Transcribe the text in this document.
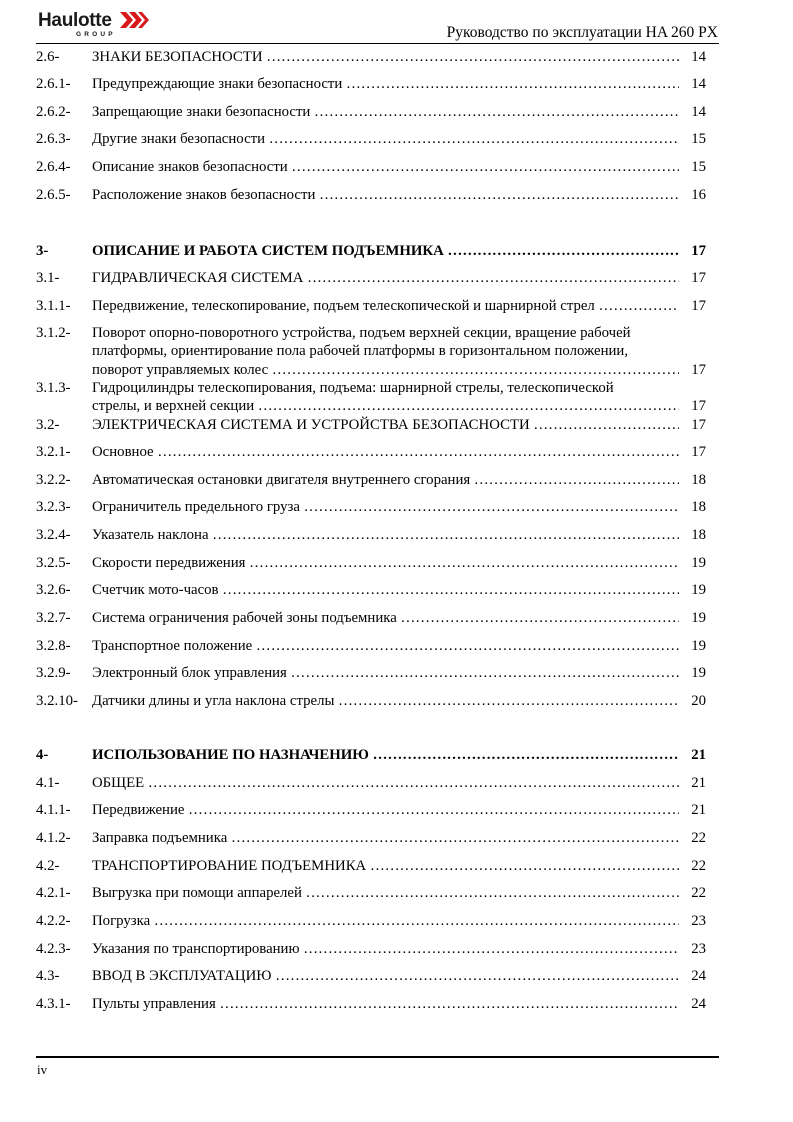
Haulotte
GROUP	Руководство по эксплуатации HA 260 PX
2.6- ЗНАКИ БЕЗОПАСНОСТИ ………………………………………………………………………………………………………………………………………………………………………………………………	14
2.6.1- Предупреждающие знаки безопасности ………………………………………………………………………………………………………………………………………………………………………………………………	14
2.6.2- Запрещающие знаки безопасности ………………………………………………………………………………………………………………………………………………………………………………………………	14
2.6.3- Другие знаки безопасности ………………………………………………………………………………………………………………………………………………………………………………………………	15
2.6.4- Описание знаков безопасности ………………………………………………………………………………………………………………………………………………………………………………………………	15
2.6.5- Расположение знаков безопасности ………………………………………………………………………………………………………………………………………………………………………………………………	16
3-	ОПИСАНИЕ И РАБОТА СИСТЕМ ПОДЪЕМНИКА ………………………………………………………………………………………………………………………………………………………………………………………………	17
3.1- ГИДРАВЛИЧЕСКАЯ СИСТЕМА ………………………………………………………………………………………………………………………………………………………………………………………………	17
3.1.1- Передвижение, телескопирование, подъем телескопической и шарнирной стрел ………………………………………………………………………………………………………………………………………………………………………………………………	17
3.1.2- Поворот опорно-поворотного устройства, подъем верхней секции, вращение рабочей
платформы, ориентирование пола рабочей платформы в горизонтальном положении,
поворот управляемых колес ………………………………………………………………………………………………………………………………………………………………………………………………	17
3.1.3- Гидроцилиндры телескопирования, подъема: шарнирной стрелы, телескопической
стрелы, и верхней секции ………………………………………………………………………………………………………………………………………………………………………………………………	17
3.2- ЭЛЕКТРИЧЕСКАЯ СИСТЕМА И УСТРОЙСТВА БЕЗОПАСНОСТИ ………………………………………………………………………………………………………………………………………………………………………………………………	17
3.2.1- Основное ………………………………………………………………………………………………………………………………………………………………………………………………	17
3.2.2- Автоматическая остановки двигателя внутреннего сгорания ………………………………………………………………………………………………………………………………………………………………………………………………	18
3.2.3- Ограничитель предельного груза ………………………………………………………………………………………………………………………………………………………………………………………………	18
3.2.4- Указатель наклона ………………………………………………………………………………………………………………………………………………………………………………………………	18
3.2.5- Скорости передвижения ………………………………………………………………………………………………………………………………………………………………………………………………	19
3.2.6- Счетчик мото-часов ………………………………………………………………………………………………………………………………………………………………………………………………	19
3.2.7- Система ограничения рабочей зоны подъемника ………………………………………………………………………………………………………………………………………………………………………………………………	19
3.2.8- Транспортное положение ………………………………………………………………………………………………………………………………………………………………………………………………	19
3.2.9- Электронный блок управления ………………………………………………………………………………………………………………………………………………………………………………………………	19
3.2.10- Датчики длины и угла наклона стрелы ………………………………………………………………………………………………………………………………………………………………………………………………	20
4-	ИСПОЛЬЗОВАНИЕ ПО НАЗНАЧЕНИЮ ………………………………………………………………………………………………………………………………………………………………………………………………	21
4.1- ОБЩЕЕ ………………………………………………………………………………………………………………………………………………………………………………………………	21
4.1.1- Передвижение ………………………………………………………………………………………………………………………………………………………………………………………………	21
4.1.2- Заправка подъемника ………………………………………………………………………………………………………………………………………………………………………………………………	22
4.2- ТРАНСПОРТИРОВАНИЕ ПОДЪЕМНИКА ………………………………………………………………………………………………………………………………………………………………………………………………	22
4.2.1- Выгрузка при помощи аппарелей ………………………………………………………………………………………………………………………………………………………………………………………………	22
4.2.2- Погрузка ………………………………………………………………………………………………………………………………………………………………………………………………	23
4.2.3- Указания по транспортированию ………………………………………………………………………………………………………………………………………………………………………………………………	23
4.3- ВВОД В ЭКСПЛУАТАЦИЮ ………………………………………………………………………………………………………………………………………………………………………………………………	24
4.3.1- Пульты управления ………………………………………………………………………………………………………………………………………………………………………………………………	24
iv
